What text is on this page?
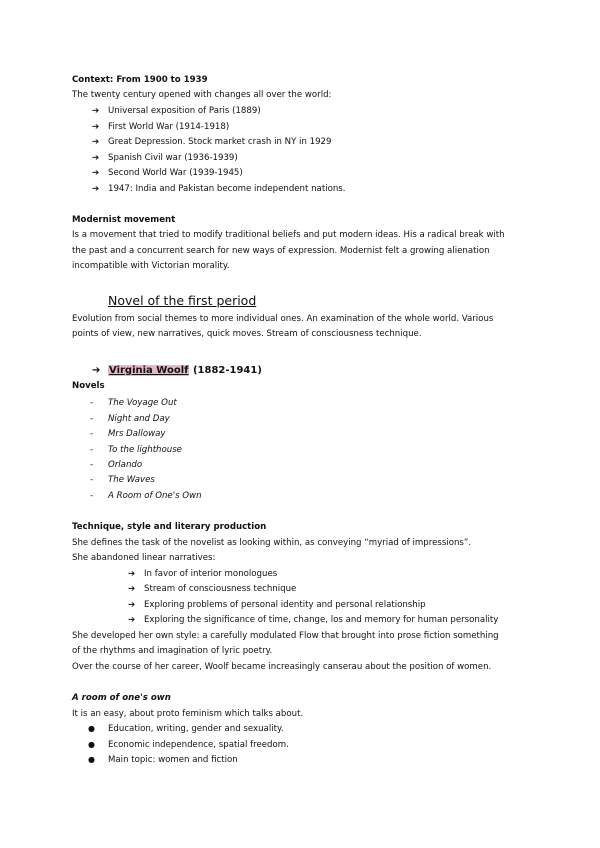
Context: From 1900 to 1939
The twenty century opened with changes all over the world:
➔ Universal exposition of Paris (1889)
➔ First World War (1914-1918)
➔ Great Depression. Stock market crash in NY in 1929
➔ Spanish Civil war (1936-1939)
➔ Second World War (1939-1945)
➔ 1947: India and Pakistan become independent nations.
Modernist movement
Is a movement that tried to modify traditional beliefs and put modern ideas. His a radical break with
the past and a concurrent search for new ways of expression. Modernist felt a growing alienation
incompatible with Victorian morality.
Novel of the first period
Evolution from social themes to more individual ones. An examination of the whole world. Various
points of view, new narratives, quick moves. Stream of consciousness technique.
➔ Virginia Woolf (1882-1941)
Novels
- The Voyage Out
- Night and Day
- Mrs Dalloway
- To the lighthouse
- Orlando
- The Waves
- A Room of One's Own
Technique, style and literary production
She defines the task of the novelist as looking within, as conveying “myriad of impressions”.
She abandoned linear narratives:
➔ In favor of interior monologues
➔ Stream of consciousness technique
➔ Exploring problems of personal identity and personal relationship
➔ Exploring the significance of time, change, los and memory for human personality
She developed her own style: a carefully modulated Flow that brought into prose fiction something
of the rhythms and imagination of lyric poetry.
Over the course of her career, Woolf became increasingly canserau about the position of women.
A room of one's own
It is an easy, about proto feminism which talks about.
● Education, writing, gender and sexuality.
● Economic independence, spatial freedom.
● Main topic: women and fiction
